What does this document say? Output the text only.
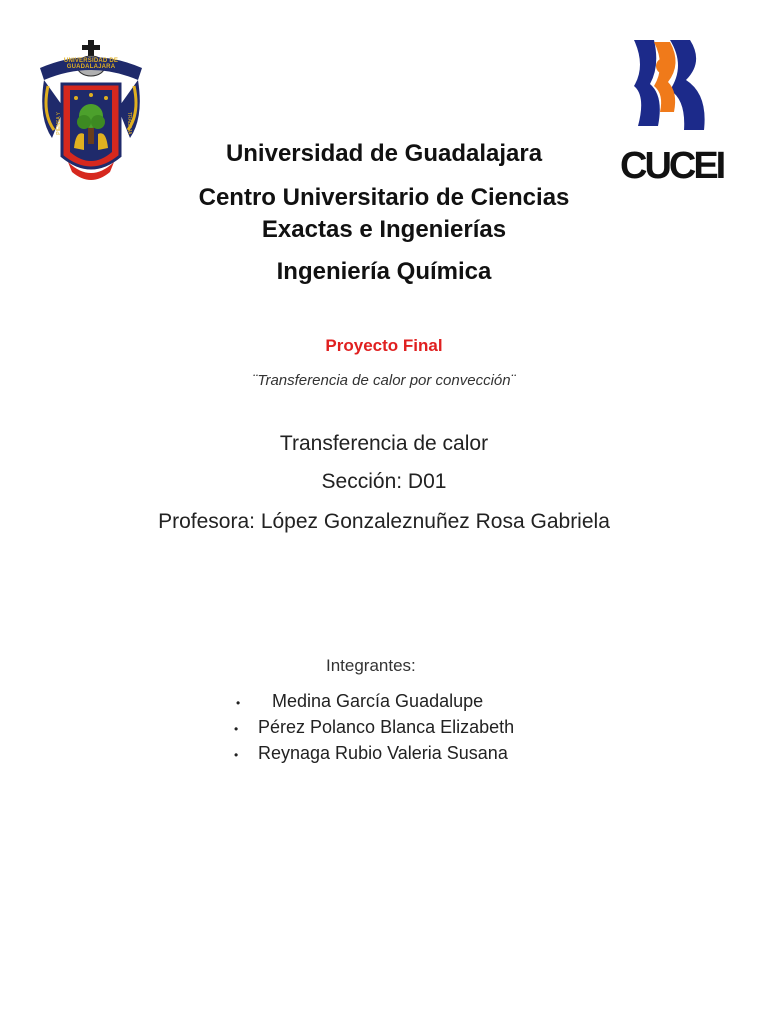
UNIVERSIDAD DE GUADALAJARA
PIENSA Y	TRABAJA
CUCEI
Universidad de Guadalajara
Centro Universitario de Ciencias
Exactas e Ingenierías
Ingeniería Química
Proyecto Final
¨Transferencia de calor por convección¨
Transferencia de calor
Sección: D01
Profesora: López Gonzaleznuñez Rosa Gabriela
Integrantes:
• Medina García Guadalupe
• Pérez Polanco Blanca Elizabeth
• Reynaga Rubio Valeria Susana
